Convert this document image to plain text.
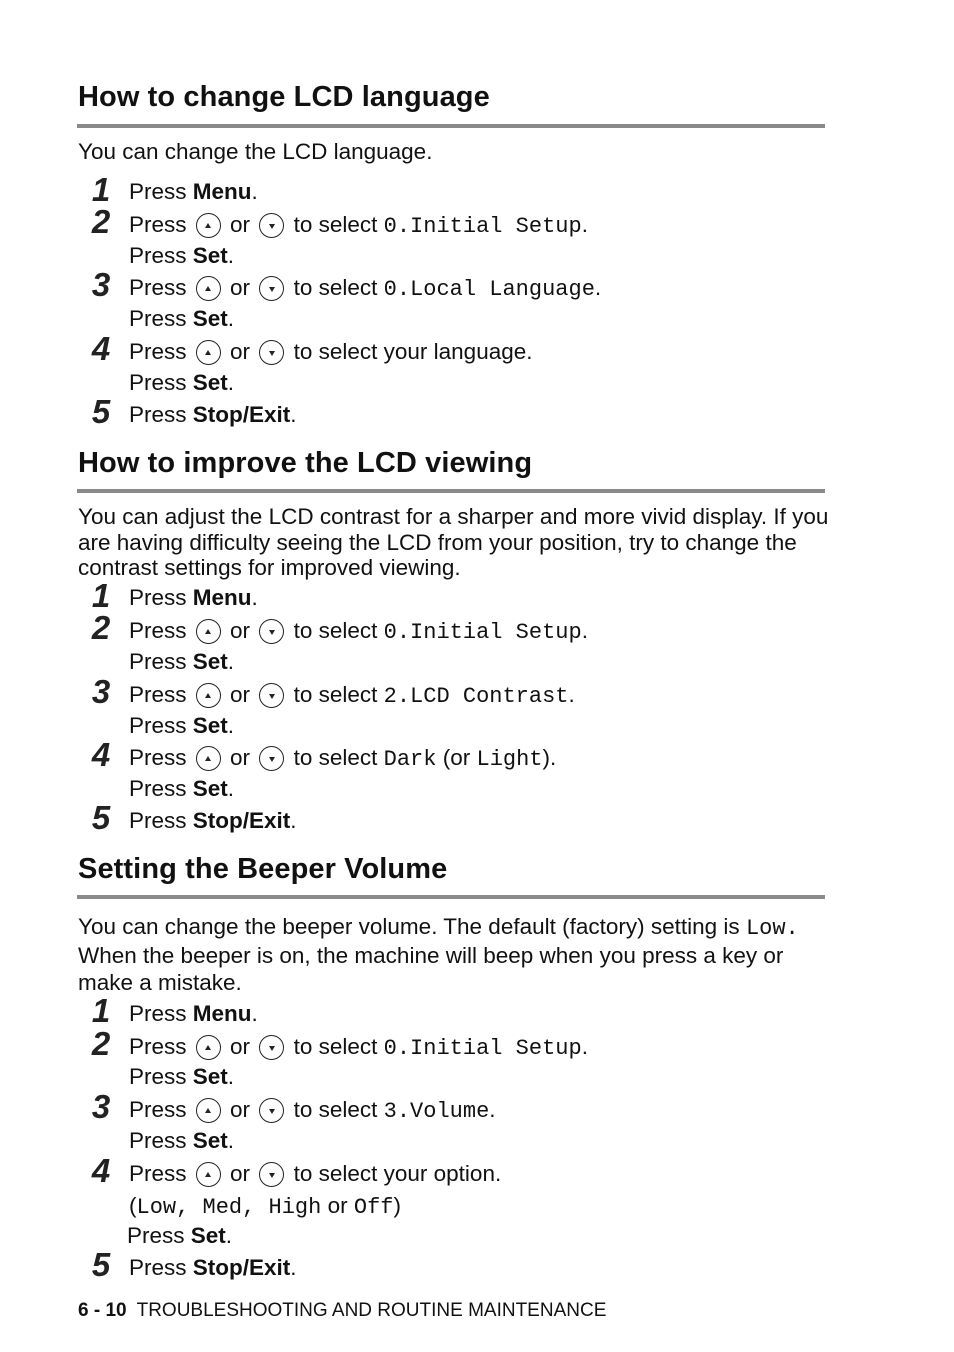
How to change LCD language

You can change the LCD language.

1 Press Menu.
2 Press or to select 0.Initial Setup.
Press Set.
3 Press or to select 0.Local Language.
Press Set.
4 Press or to select your language.
Press Set.
5 Press Stop/Exit.
How to improve the LCD viewing

You can adjust the LCD contrast for a sharper and more vivid display. If you are having difficulty seeing the LCD from your position, try to change the contrast settings for improved viewing.

1 Press Menu.
2 Press or to select 0.Initial Setup.
Press Set.
3 Press or to select 2.LCD Contrast.
Press Set.
4 Press or to select Dark (or Light).
Press Set.
5 Press Stop/Exit.
Setting the Beeper Volume

You can change the beeper volume. The default (factory) setting is Low. When the beeper is on, the machine will beep when you press a key or make a mistake.

1 Press Menu.
2 Press or to select 0.Initial Setup.
Press Set.
3 Press or to select 3.Volume.
Press Set.
4 Press or to select your option.
(Low, Med, High or Off)
Press Set.
5 Press Stop/Exit.
6 - 10 TROUBLESHOOTING AND ROUTINE MAINTENANCE
